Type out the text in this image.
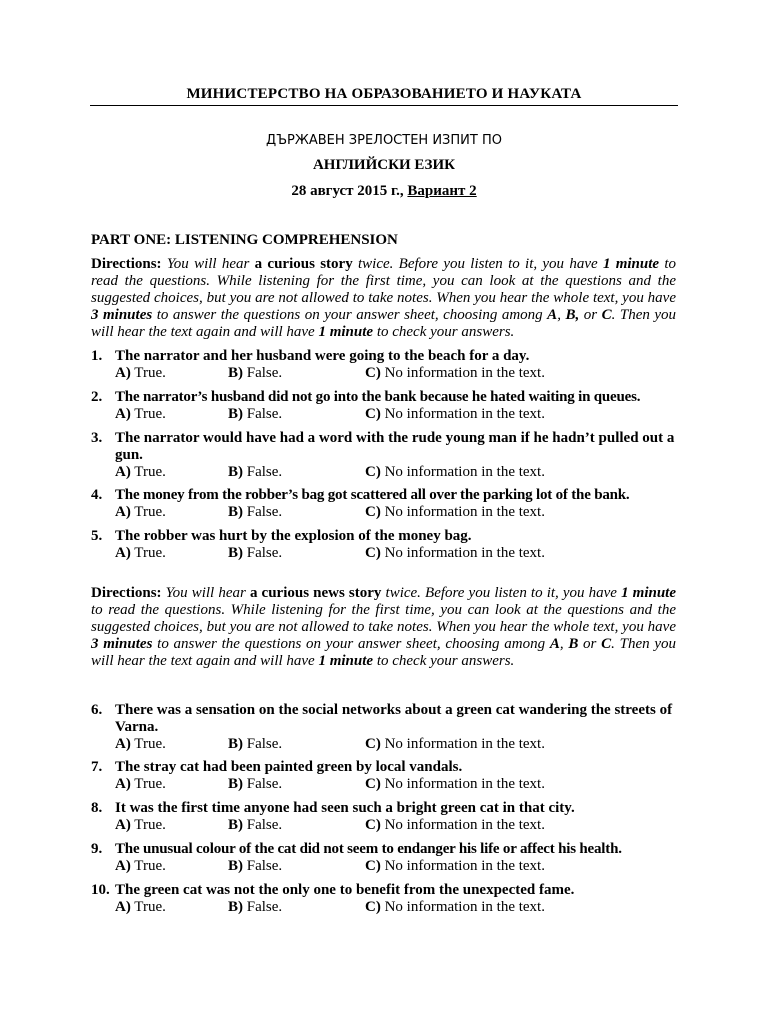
МИНИСТЕРСТВО НА ОБРАЗОВАНИЕТО И НАУКАТА
ДЪРЖАВЕН ЗРЕЛОСТЕН ИЗПИТ ПО
АНГЛИЙСКИ ЕЗИК
28 август 2015 г., Вариант 2
PART ONE: LISTENING COMPREHENSION
Directions: You will hear a curious story twice. Before you listen to it, you have 1 minute to read the questions. While listening for the first time, you can look at the questions and the suggested choices, but you are not allowed to take notes. When you hear the whole text, you have 3 minutes to answer the questions on your answer sheet, choosing among A, B, or C. Then you will hear the text again and will have 1 minute to check your answers.
Directions: You will hear a curious news story twice. Before you listen to it, you have 1 minute to read the questions. While listening for the first time, you can look at the questions and the suggested choices, but you are not allowed to take notes. When you hear the whole text, you have 3 minutes to answer the questions on your answer sheet, choosing among A, B or C. Then you will hear the text again and will have 1 minute to check your answers.
1. The narrator and her husband were going to the beach for a day.
A) True.	B) False.	C) No information in the text.
2. The narrator’s husband did not go into the bank because he hated waiting in queues.
A) True.	B) False.	C) No information in the text.
3. The narrator would have had a word with the rude young man if he hadn’t pulled out a gun.
A) True.	B) False.	C) No information in the text.
4. The money from the robber’s bag got scattered all over the parking lot of the bank.
A) True.	B) False.	C) No information in the text.
5. The robber was hurt by the explosion of the money bag.
A) True.	B) False.	C) No information in the text.
6. There was a sensation on the social networks about a green cat wandering the streets of Varna.
A) True.	B) False.	C) No information in the text.
7. The stray cat had been painted green by local vandals.
A) True.	B) False.	C) No information in the text.
8. It was the first time anyone had seen such a bright green cat in that city.
A) True.	B) False.	C) No information in the text.
9. The unusual colour of the cat did not seem to endanger his life or affect his health.
A) True.	B) False.	C) No information in the text.
10. The green cat was not the only one to benefit from the unexpected fame.
A) True.	B) False.	C) No information in the text.
